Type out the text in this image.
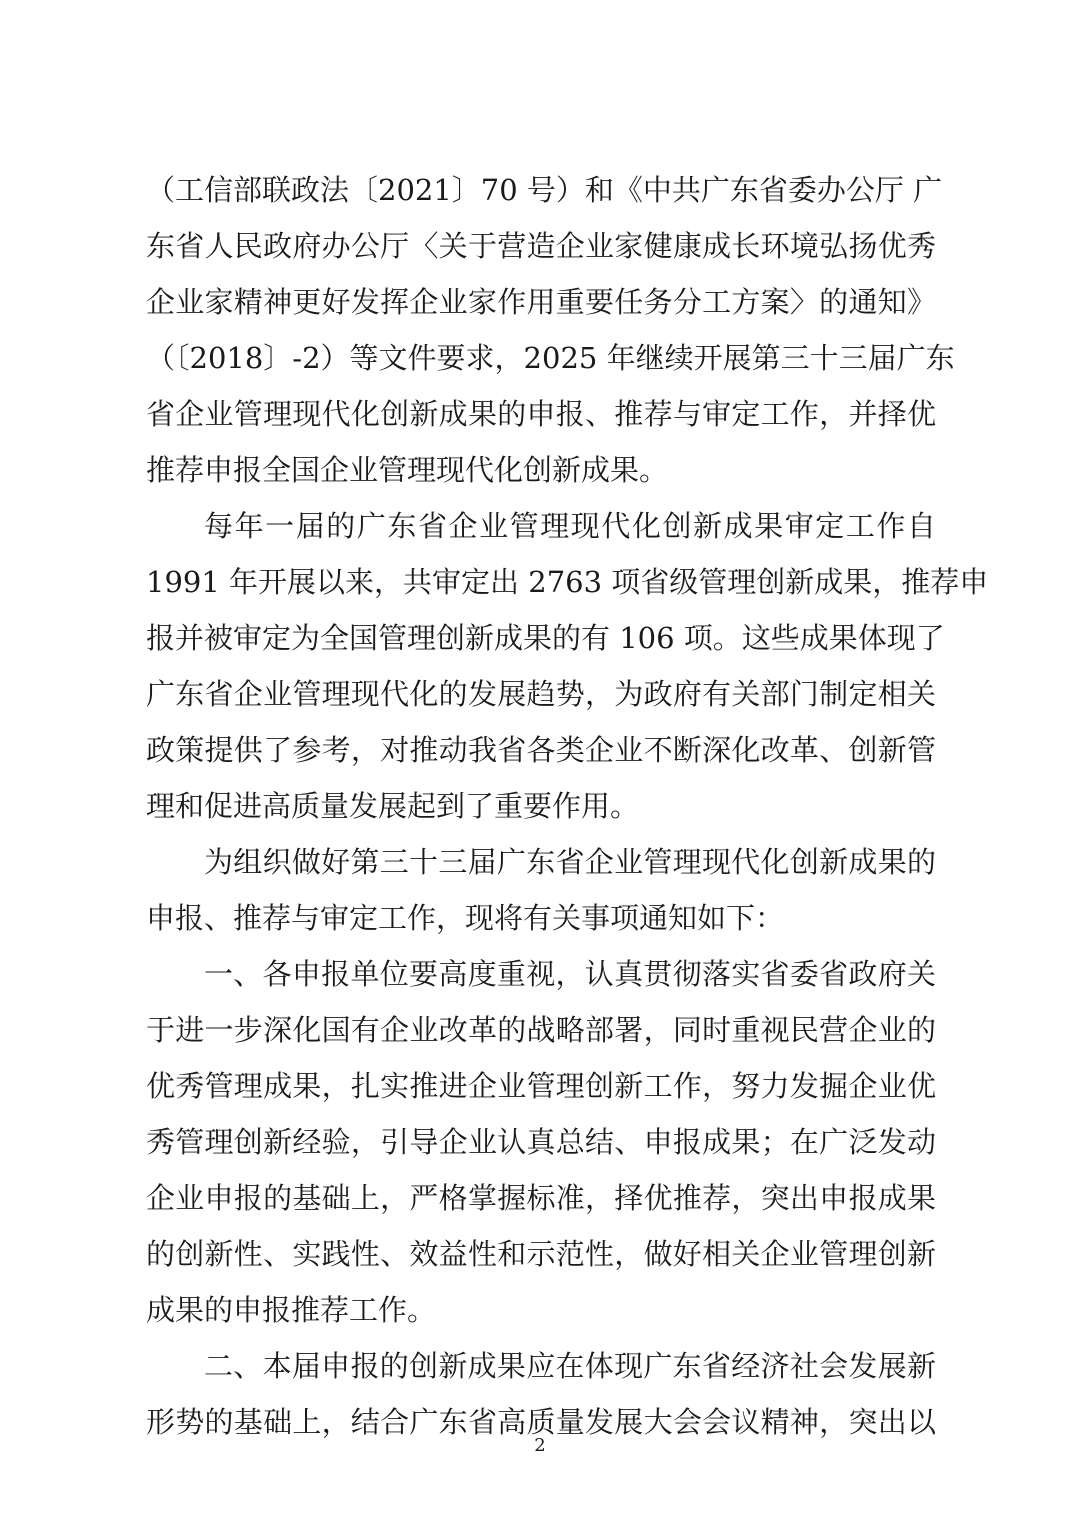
（工信部联政法〔2021〕70 号）和《中共广东省委办公厅 广
东省人民政府办公厅〈关于营造企业家健康成长环境弘扬优秀
企业家精神更好发挥企业家作用重要任务分工方案〉的通知》
（〔2018〕-2）等文件要求，2025 年继续开展第三十三届广东
省企业管理现代化创新成果的申报、推荐与审定工作，并择优
推荐申报全国企业管理现代化创新成果。
每年一届的广东省企业管理现代化创新成果审定工作自
1991 年开展以来，共审定出 2763 项省级管理创新成果，推荐申
报并被审定为全国管理创新成果的有 106 项。这些成果体现了
广东省企业管理现代化的发展趋势，为政府有关部门制定相关
政策提供了参考，对推动我省各类企业不断深化改革、创新管
理和促进高质量发展起到了重要作用。
为组织做好第三十三届广东省企业管理现代化创新成果的
申报、推荐与审定工作，现将有关事项通知如下：
一、各申报单位要高度重视，认真贯彻落实省委省政府关
于进一步深化国有企业改革的战略部署，同时重视民营企业的
优秀管理成果，扎实推进企业管理创新工作，努力发掘企业优
秀管理创新经验，引导企业认真总结、申报成果；在广泛发动
企业申报的基础上，严格掌握标准，择优推荐，突出申报成果
的创新性、实践性、效益性和示范性，做好相关企业管理创新
成果的申报推荐工作。
二、本届申报的创新成果应在体现广东省经济社会发展新
形势的基础上，结合广东省高质量发展大会会议精神，突出以
2
